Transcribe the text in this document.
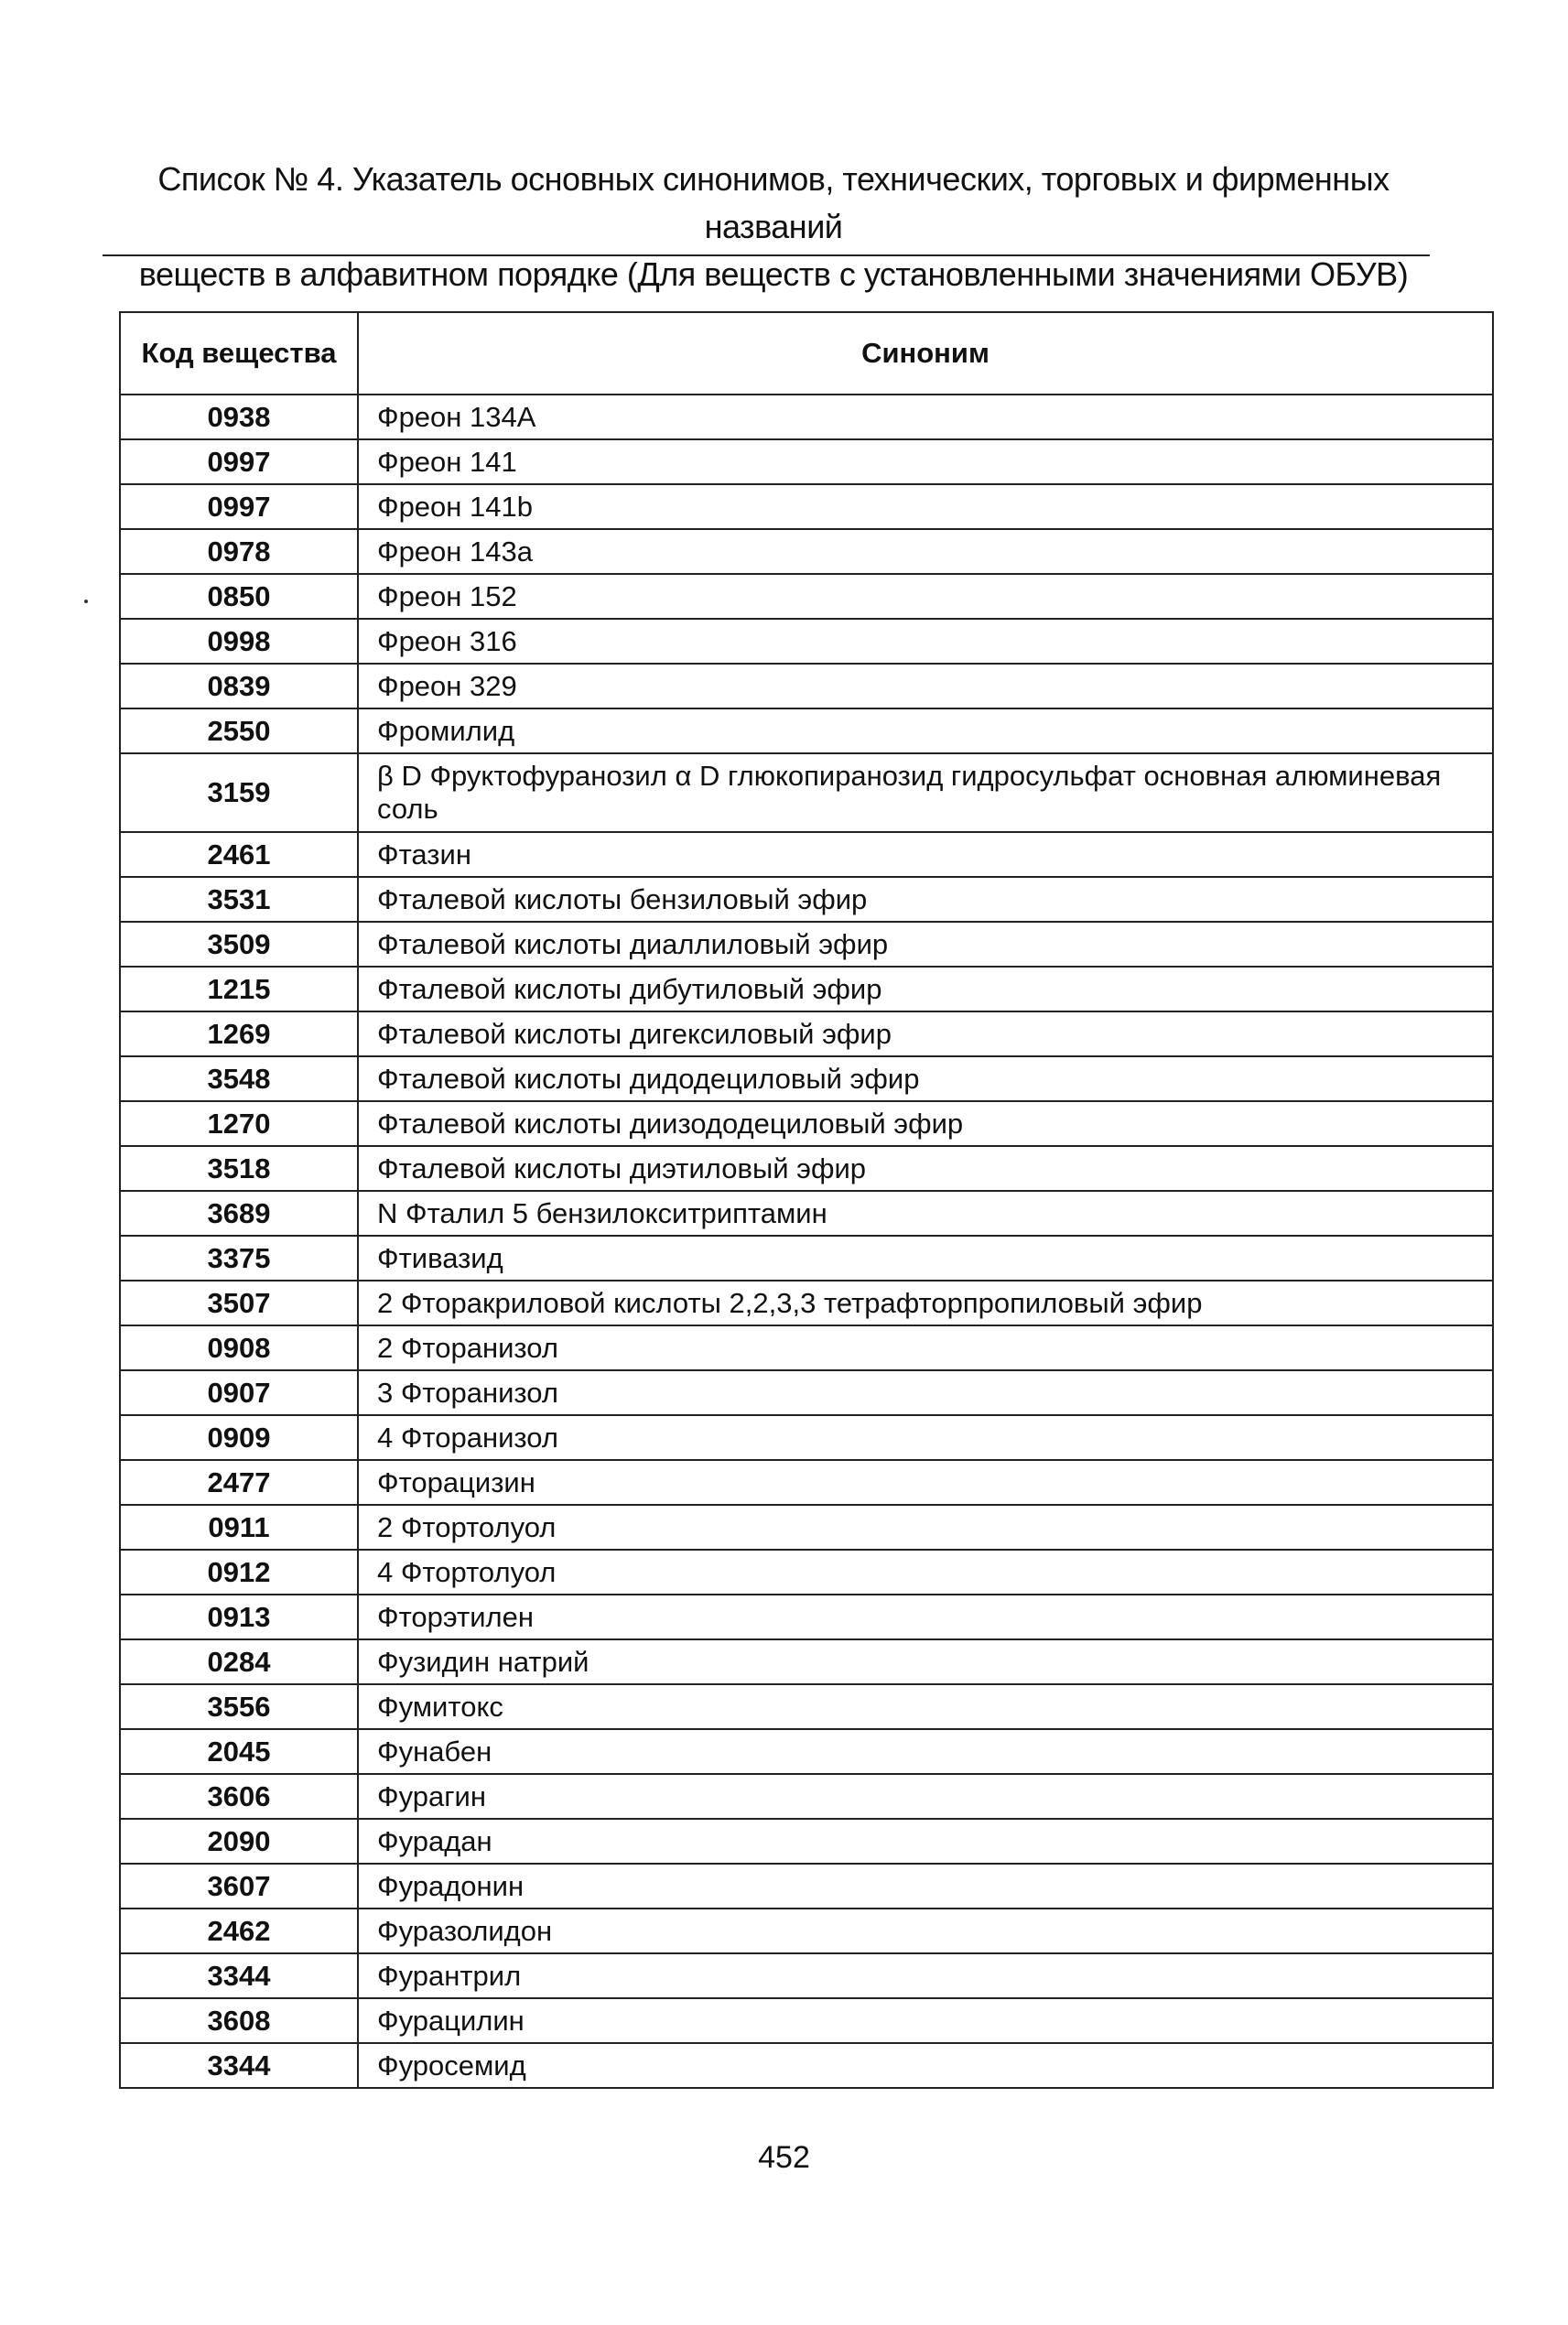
Список № 4. Указатель основных синонимов, технических, торговых и фирменных названий
веществ в алфавитном порядке (Для веществ с установленными значениями ОБУВ)
Код вещества	Синоним
0938	Фреон 134A
0997	Фреон 141
0997	Фреон 141b
0978	Фреон 143а
0850	Фреон 152
0998	Фреон 316
0839	Фреон 329
2550	Фромилид
3159	β D Фруктофуранозил α D глюкопиранозид гидросульфат основная алюминевая соль
2461	Фтазин
3531	Фталевой кислоты бензиловый эфир
3509	Фталевой кислоты диаллиловый эфир
1215	Фталевой кислоты дибутиловый эфир
1269	Фталевой кислоты дигексиловый эфир
3548	Фталевой кислоты дидодециловый эфир
1270	Фталевой кислоты диизододециловый эфир
3518	Фталевой кислоты диэтиловый эфир
3689	N Фталил 5 бензилокситриптамин
3375	Фтивазид
3507	2 Фторакриловой кислоты 2,2,3,3 тетрафторпропиловый эфир
0908	2 Фторанизол
0907	3 Фторанизол
0909	4 Фторанизол
2477	Фторацизин
0911	2 Фтортолуол
0912	4 Фтортолуол
0913	Фторэтилен
0284	Фузидин натрий
3556	Фумитокс
2045	Фунабен
3606	Фурагин
2090	Фурадан
3607	Фурадонин
2462	Фуразолидон
3344	Фурантрил
3608	Фурацилин
3344	Фуросемид
452
